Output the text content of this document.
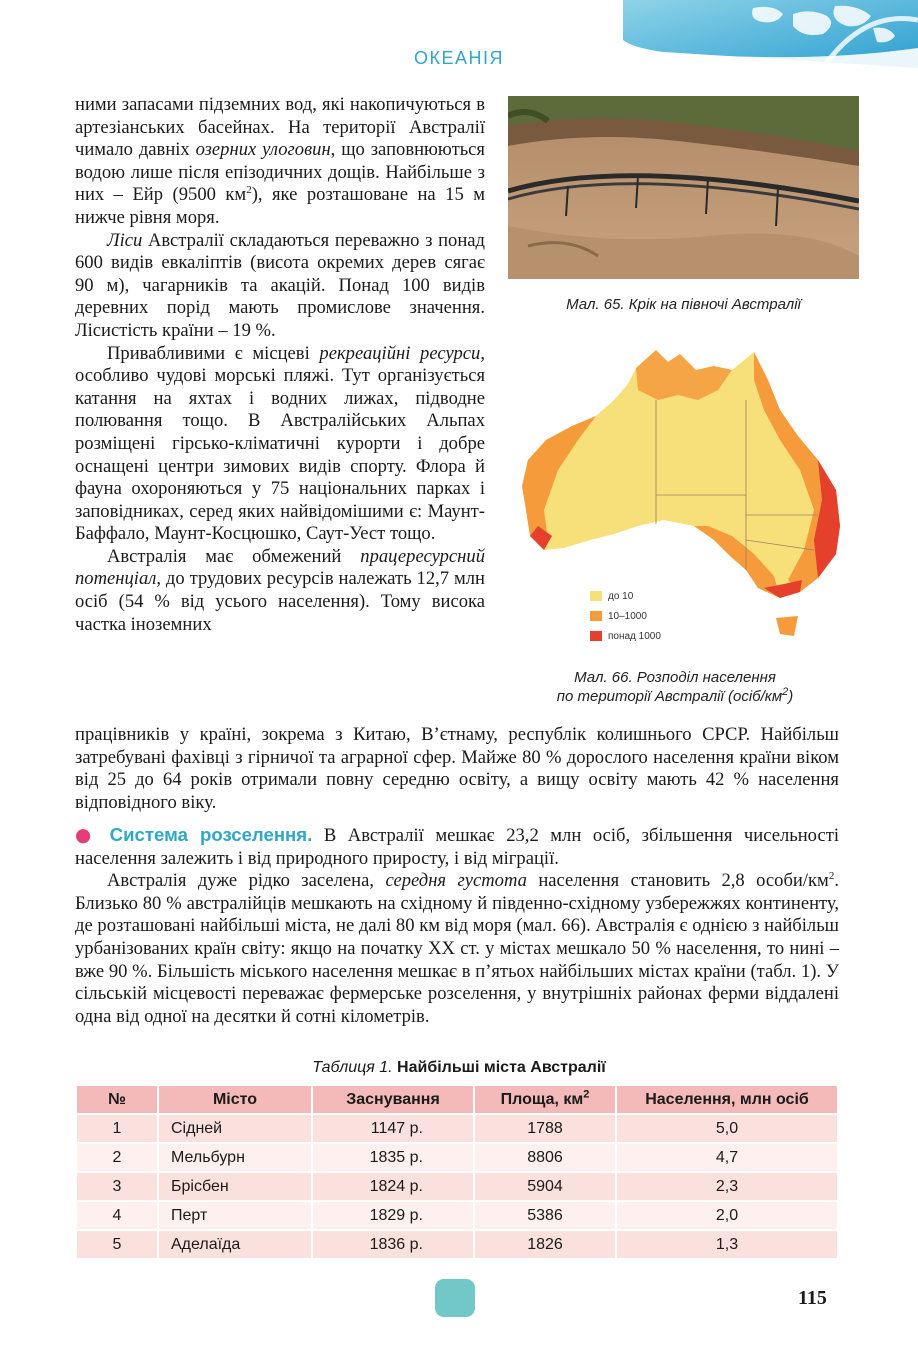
ОКЕАНІЯ

ними запасами підземних вод, які накопичуються в артезіанських басейнах. На території Австралії чимало давніх озерних улоговин, що заповнюються водою лише після епізодичних дощів. Найбільше з них – Ейр (9500 $км^2$), яке розташоване на 15 м нижче рівня моря.

Ліси Австралії складаються переважно з понад 600 видів евкаліптів (висота окремих дерев сягає 90 м), чагарників та акацій. Понад 100 видів деревних порід мають промислове значення. Лісистість країни – 19 %.

Привабливими є місцеві рекреаційні ресурси, особливо чудові морські пляжі. Тут організується катання на яхтах і водних лижах, підводне полювання тощо. В Австралійських Альпах розміщені гірсько-кліматичні курорти і добре оснащені центри зимових видів спорту. Флора й фауна охороняються у 75 національних парках і заповідниках, серед яких найвідомішими є: Маунт-Баффало, Маунт-Косцюшко, Саут-Уест тощо.

Австралія має обмежений працересурсний потенціал, до трудових ресурсів належать 12,7 млн осіб (54 % від усього населення). Тому висока частка іноземних

Мал. 65. Крік на півночі Австралії
до 10
10–1000
понад 1000
Мал. 66. Розподіл населення
по території Австралії $(осіб/км^2)$

працівників у країні, зокрема з Китаю, В’єтнаму, республік колишнього СРСР. Найбільш затребувані фахівці з гірничої та аграрної сфер. Майже 80 % дорослого населення країни віком від 25 до 64 років отримали повну середню освіту, а вищу освіту мають 42 % населення відповідного віку.

● Система розселення. В Австралії мешкає 23,2 млн осіб, збільшення чисельності населення залежить і від природного приросту, і від міграції.

Австралія дуже рідко заселена, середня густота населення становить 2,8 особи/$км^2$. Близько 80 % австралійців мешкають на східному й південно-східному узбережжях континенту, де розташовані найбільші міста, не далі 80 км від моря (мал. 66). Австралія є однією з найбільш урбанізованих країн світу: якщо на початку XX ст. у містах мешкало 50 % населення, то нині – вже 90 %. Більшість міського населення мешкає в п’ятьох найбільших містах країни (табл. 1). У сільській місцевості переважає фермерське розселення, у внутрішніх районах ферми віддалені одна від одної на десятки й сотні кілометрів.

Таблиця 1. Найбільші міста Австралії
№	Місто	Заснування	Площа, $км^2$	Населення, млн осіб
1	Сідней	1147 р.	1788	5,0
2	Мельбурн	1835 р.	8806	4,7
3	Брісбен	1824 р.	5904	2,3
4	Перт	1829 р.	5386	2,0
5	Аделаїда	1836 р.	1826	1,3
115
